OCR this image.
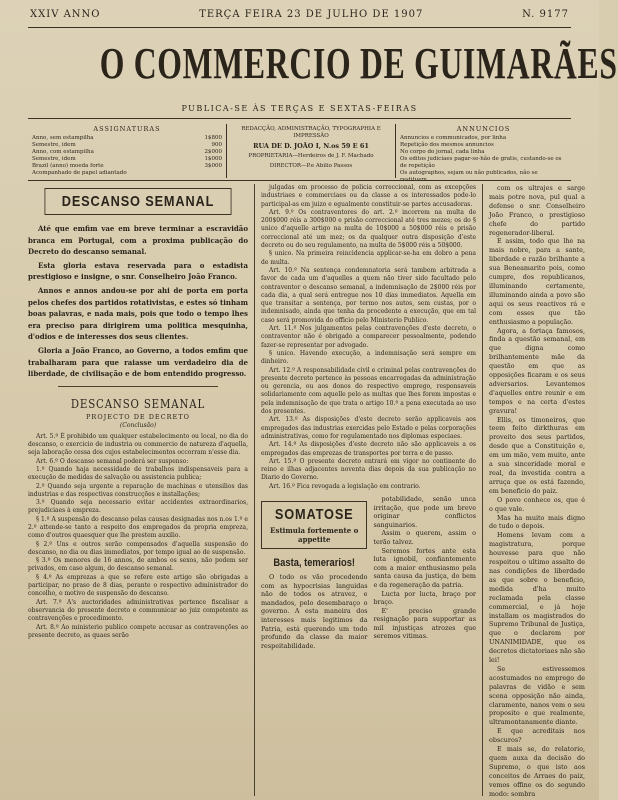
XXIV ANNO	TERÇA FEIRA 23 DE JULHO DE 1907	N. 9177
O COMMERCIO DE GUIMARÃES
PUBLICA-SE ÀS TERÇAS E SEXTAS-FEIRAS
ASSIGNATURAS
Anno, sem estampilha	1$800
Semestre, idem	900
Anno, com estampilha	2$000
Semestre, idem	1$000
Brazil (anno) moeda forte	3$000
Acompanhado de papel adiantado
REDACÇÃO, ADMINISTRAÇÃO, TYPOGRAPHIA E IMPRESSÃO
RUA DE D. JOÃO I, N.os 59 E 61
PROPRIETARIA—Herdeiros de J. F. Machado
DIRECTOR—P.e Abilio Passos
ANNUNCIOS
Annuncios e communicados, por linha
Repetição dos mesmos annuncios
No corpo do jornal, cada linha
Os editos judiciaes pagar-se-hão de gratis, custando-se os de repetição
Os autographos, sejam ou não publicados, não se
DESCANSO SEMANAL

Até que emfim vae em breve terminar a escravidão branca em Portugal, com a proxima publicação do Decreto do descanso semanal.

Esta gloria estava reservada para o estadista prestigioso e insigne, o snr. Conselheiro João Franco.

Annos e annos andou-se por ahi de porta em porta pelos chefes dos partidos rotativistas, e estes só tinham boas palavras, e nada mais, pois que todo o tempo lhes era preciso para dirigirem uma politica mesquinha, d'odios e de interesses dos seus clientes.

Gloria a João Franco, ao Governo, a todos emfim que trabalharam para que raiasse um verdadeiro dia de liberdade, de civilisação e de bom entendido progresso.

DESCANSO SEMANAL
PROJECTO DE DECRETO
(Conclusão)

Art. 5.º É prohibido um qualquer estabelecimento ou local, no dia do descanso, o exercicio de industria ou commercio de natureza d'aquella, seja laboração cessa dos cujos estabelecimentos occorram n'esse dia.

Art. 6.º O descanso semanal poderá ser suspenso:

1.º Quando haja necessidade de trabalhos indispensaveis para a execução de medidas de salvação ou assistencia publica;

2.º Quando seja urgente a reparação de machinas e utensilios das industrias e das respectivas construcções e installações;

3.º Quando seja necessario evitar accidentes extraordinarios, prejudiciaes à empreza.

§ 1.º A suspensão do descanso pelas causas designadas nos n.os 1.º e 2.º attende-se tanto a respeito dos empregados da propria empreza, como d'outros quaesquer que lhe prestem auxilio.

§ 2.º Uns e outros serão compensados d'aquella suspensão do descanso, no dia ou dias immediatos, por tempo igual ao de suspensão.

§ 3.º Os menores de 16 annos, de ambos os sexos, não podem ser privados, em caso algum, do descanso semanal.

§ 4.º As emprezas a que se refere este artigo são obrigadas a participar, no praso de 8 dias, perante o respectivo administrador do concelho, o motivo de suspensão do descanso.

Art. 7.º A's auctoridades administrativas pertence fiscalisar a observancia do presente decreto e communicar ao juiz competente as contravenções e procedimento.

Art. 8.º Ao ministerio publico compete accusar as contravenções ao presente decreto, as quaes serão

julgadas em processo de policia correccional, com as excepções industriaes e commerciaes ou da classe a os interessados pode-lo participal-as em juizo e egualmente constituir-se partes accusadoras.

Art. 9.º Os contraventores do art. 2.º incorrem na multa de 200$000 réis a 300$000 e prisão correccional até tres mezes; os do § unico d'aquelle artigo na multa de 10$000 a 50$000 réis e prisão correccional até um mez; os da qualquer outra disposição d'este decreto ou do seu regulamento, na multa de 5$000 réis a 50$000.

§ unico. Na primeira reincidencia applicar-se-ha em dobro a pena de multa.

Art. 10.º Na sentença condemnatoria será tambem arbitrada a favor de cada um d'aquelles a quem não tiver sido facultado pelo contraventor o descanso semanal, a indemnisação de 2$000 réis por cada dia, a qual será entregue nos 10 dias immediatos. Aquella em que transitar a sentença, por termo nos autos, sem custas, por o indemnisado, ainda que tenha da procedente a execução, que em tal caso será promovida do officio pelo Ministerio Publico.

Art. 11.º Nos julgamentos pelas contravenções d'este decreto, o contraventor não é obrigado a comparecer pessoalmente, podendo fazer-se representar por advogado.

§ unico. Havendo execução, a indemnisação será sempre em dinheiro.

Art. 12.º A responsabilidade civil e criminal pelas contravenções do presente decreto pertence às pessoas encarregadas da administração ou gerencia, ou aos donos do respectivo emprego, responsaveis solidariamente com aquelle pelo as multas que lhes forem impostas e pela indemnisação de que trata o artigo 10.º a pena executada ao uso dos presentes.

Art. 13.º As disposições d'este decreto serão applicaveis aos empregados das industrias exercidas pelo Estado e pelas corporações administrativas, como for regulamentado nos diplomas especiaes.

Art. 14.º As disposições d'este decreto não são applicaveis a os empregados das emprezas de transportes por terra e de passo.

Art. 15.º O presente decreto entrará em vigor no continente do reino e ilhas adjacentes noventa dias depois da sua publicação no Diario do Governo.

Art. 16.º Fica revogada a legislação em contrario.

SOMATOSE
Estimula fortemente o appetite
Basta, temerarios!

O todo os vão procedendo com as hypocrisias languidas não de todos os atravez, e mandados, pelo desembaraço o governo. A esta maneira dos interesses mais legitimos da Patria, está querendo um todo profundo da classe da maior respeitabilidade.

potabilidade, senão unca irritação, que pode um breve originar conflictos sanguinarios.

Assim o querem, assim o terão talvez.

Seremos fortes ante esta luta ignobil, confiantemente com a maior enthusiasmo pela santa causa da justiça, do bem e da regeneração da patria.

Lucta por lucta, braço por braço.

E' preciso grande resignação para supportar as mil injustiças atrozes que seremos vitimas.

com os ultrajes e sarge mais potre nova, pul qual a defense o snr. Conselheiro João Franco, o prestigioso chefe do partido regenerador-liberal.

E assim, todo que lhe na mais nobre, para a sante, liberdade e razão brilhante a sua Beneamarito pois, como cumpre, dos republicanos, illuminando certamente, illuminando ainda a povo são aqui os seus reactivos rá e com esses que tão enthusiasmo a população.

Agora, a fortaça famosos, finda a questão semanal, em que digna como brilhantemente mãe da questão em que as opposições ficaram e os seus adversarios. Levantemos d'aquelles entre reunir e em tempos e na certa d'estes gravura!

Ellis, os timoneiros, que teem feito dirkthuras em proveito dos seus partidos, desde que a Constituição e, em um mão, vem muito, ante a sua sinceridade moral e real, da investida contra a arruça que os está fazendo, em beneficio do paiz.

O povo conhece os, que é o que vale.

Mas ha muito mais digno de tudo o depois.

Homens levam com a magistratura, porque houvesse para que não respeitou o ultimo assalto de nas condições de liberdade as que sobre o beneficio, medida d'ha muito reclamada pela classe commercial, e já hoje installam os magistrados do Supremo Tribunal de Justiça, que o declarem por UNANIMIDADE, que os decretos dictatoriaes não são lei!

Se estivessemos acostumados no emprego de palavras de vidão e sem scena opposição não ainda, claramente, nanos vem o seu proposito e que realmente, ultramontanamente diante.

E que acreditais nos obscuros?

E mais se, do relatorio, quem auxa da decisão do Supremo, o que isto aos conceitos de Arraes do paiz, vemos offine os do segundo modo: sombra
